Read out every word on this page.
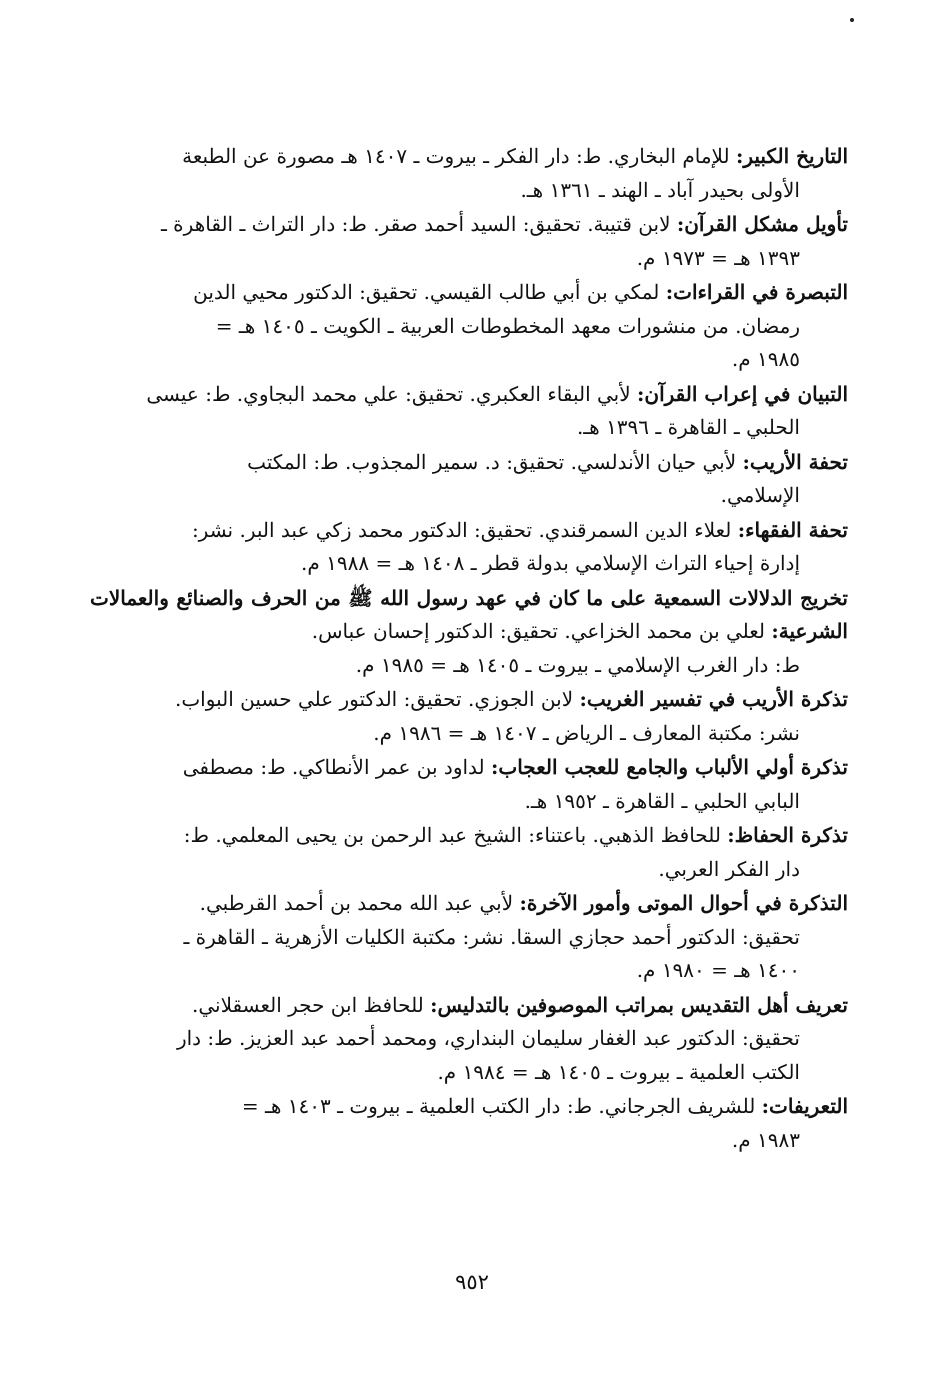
التاريخ الكبير: للإمام البخاري. ط: دار الفكر ـ بيروت ـ ١٤٠٧ هـ مصورة عن الطبعة
الأولى بحيدر آباد ـ الهند ـ ١٣٦١ هـ.
تأويل مشكل القرآن: لابن قتيبة. تحقيق: السيد أحمد صقر. ط: دار التراث ـ القاهرة ـ
١٣٩٣ هـ = ١٩٧٣ م.
التبصرة في القراءات: لمكي بن أبي طالب القيسي. تحقيق: الدكتور محيي الدين
رمضان. من منشورات معهد المخطوطات العربية ـ الكويت ـ ١٤٠٥ هـ =
١٩٨٥ م.
التبيان في إعراب القرآن: لأبي البقاء العكبري. تحقيق: علي محمد البجاوي. ط: عيسى
الحلبي ـ القاهرة ـ ١٣٩٦ هـ.
تحفة الأريب: لأبي حيان الأندلسي. تحقيق: د. سمير المجذوب. ط: المكتب
الإسلامي.
تحفة الفقهاء: لعلاء الدين السمرقندي. تحقيق: الدكتور محمد زكي عبد البر. نشر:
إدارة إحياء التراث الإسلامي بدولة قطر ـ ١٤٠٨ هـ = ١٩٨٨ م.
تخريج الدلالات السمعية على ما كان في عهد رسول الله ﷺ من الحرف والصنائع والعمالات الشرعية: لعلي بن محمد الخزاعي. تحقيق: الدكتور إحسان عباس.
ط: دار الغرب الإسلامي ـ بيروت ـ ١٤٠٥ هـ = ١٩٨٥ م.
تذكرة الأريب في تفسير الغريب: لابن الجوزي. تحقيق: الدكتور علي حسين البواب.
نشر: مكتبة المعارف ـ الرياض ـ ١٤٠٧ هـ = ١٩٨٦ م.
تذكرة أولي الألباب والجامع للعجب العجاب: لداود بن عمر الأنطاكي. ط: مصطفى
البابي الحلبي ـ القاهرة ـ ١٩٥٢ هـ.
تذكرة الحفاظ: للحافظ الذهبي. باعتناء: الشيخ عبد الرحمن بن يحيى المعلمي. ط:
دار الفكر العربي.
التذكرة في أحوال الموتى وأمور الآخرة: لأبي عبد الله محمد بن أحمد القرطبي.
تحقيق: الدكتور أحمد حجازي السقا. نشر: مكتبة الكليات الأزهرية ـ القاهرة ـ
١٤٠٠ هـ = ١٩٨٠ م.
تعريف أهل التقديس بمراتب الموصوفين بالتدليس: للحافظ ابن حجر العسقلاني.
تحقيق: الدكتور عبد الغفار سليمان البنداري، ومحمد أحمد عبد العزيز. ط: دار
الكتب العلمية ـ بيروت ـ ١٤٠٥ هـ = ١٩٨٤ م.
التعريفات: للشريف الجرجاني. ط: دار الكتب العلمية ـ بيروت ـ ١٤٠٣ هـ =
١٩٨٣ م.
٩٥٢
